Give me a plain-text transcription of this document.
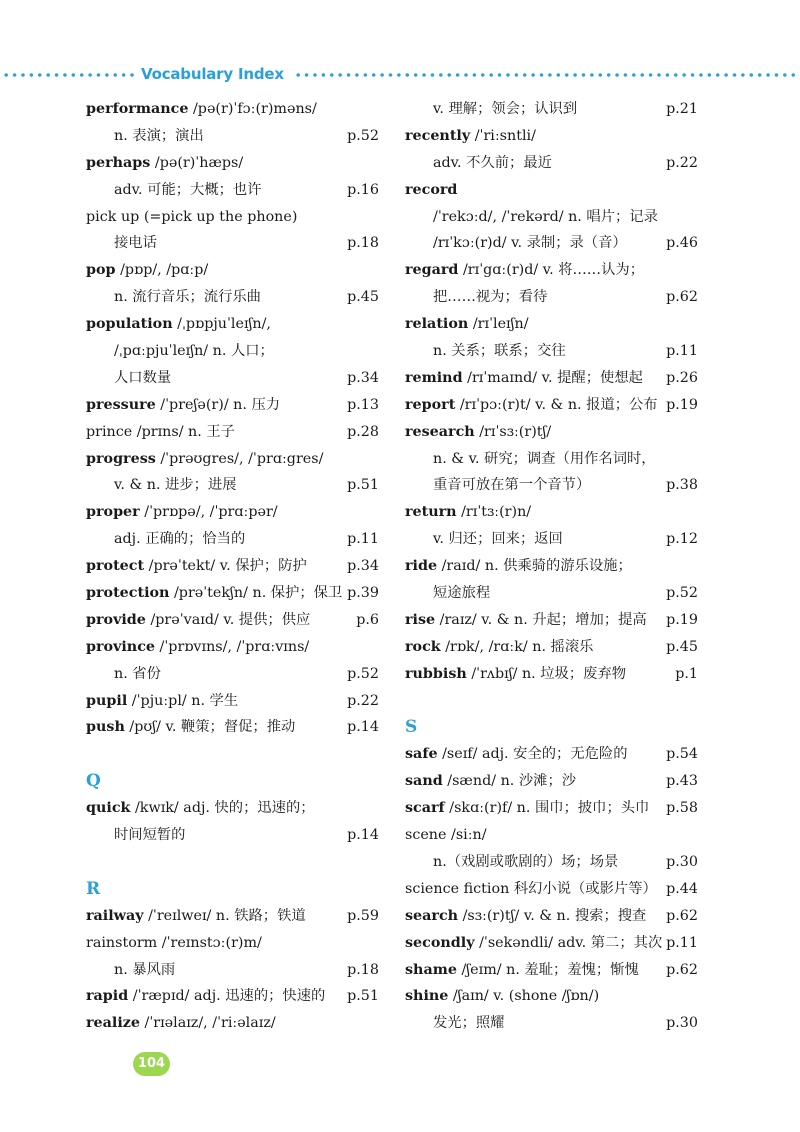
Vocabulary Index
performance /pə(r)ˈfɔː(r)məns/
n. 表演；演出	p.52
perhaps /pə(r)ˈhæps/
adv. 可能；大概；也许	p.16
pick up (=pick up the phone)
接电话	p.18
pop /pɒp/, /pɑːp/
n. 流行音乐；流行乐曲	p.45
population /ˌpɒpjuˈleɪʃn/,
/ˌpɑːpjuˈleɪʃn/ n. 人口；
人口数量	p.34
pressure /ˈpreʃə(r)/ n. 压力	p.13
prince /prɪns/ n. 王子	p.28
progress /ˈprəʊgres/, /ˈprɑːgres/
v. & n. 进步；进展	p.51
proper /ˈprɒpə/, /ˈprɑːpər/
adj. 正确的；恰当的	p.11
protect /prəˈtekt/ v. 保护；防护	p.34
protection /prəˈtekʃn/ n. 保护；保卫 p.39
provide /prəˈvaɪd/ v. 提供；供应	p.6
province /ˈprɒvɪns/, /ˈprɑːvɪns/
n. 省份	p.52
pupil /ˈpjuːpl/ n. 学生	p.22
push /pʊʃ/ v. 鞭策；督促；推动	p.14
Q
quick /kwɪk/ adj. 快的；迅速的；
时间短暂的	p.14
R
railway /ˈreɪlweɪ/ n. 铁路；铁道	p.59
rainstorm /ˈreɪnstɔː(r)m/
n. 暴风雨	p.18
rapid /ˈræpɪd/ adj. 迅速的；快速的 p.51
realize /ˈrɪəlaɪz/, /ˈriːəlaɪz/
v. 理解；领会；认识到	p.21
recently /ˈriːsntli/
adv. 不久前；最近	p.22
record
/ˈrekɔːd/, /ˈrekərd/ n. 唱片；记录
/rɪˈkɔː(r)d/ v. 录制；录（音）	p.46
regard /rɪˈgɑː(r)d/ v. 将……认为；
把……视为；看待	p.62
relation /rɪˈleɪʃn/
n. 关系；联系；交往	p.11
remind /rɪˈmaɪnd/ v. 提醒；使想起 p.26
report /rɪˈpɔː(r)t/ v. & n. 报道；公布 p.19
research /rɪˈsɜː(r)tʃ/
n. & v. 研究；调查（用作名词时，
重音可放在第一个音节）	p.38
return /rɪˈtɜː(r)n/
v. 归还；回来；返回	p.12
ride /raɪd/ n. 供乘骑的游乐设施；
短途旅程	p.52
rise /raɪz/ v. & n. 升起；增加；提高 p.19
rock /rɒk/, /rɑːk/ n. 摇滚乐	p.45
rubbish /ˈrʌbɪʃ/ n. 垃圾；废弃物	p.1
S
safe /seɪf/ adj. 安全的；无危险的	p.54
sand /sænd/ n. 沙滩；沙	p.43
scarf /skɑː(r)f/ n. 围巾；披巾；头巾 p.58
scene /siːn/
n.（戏剧或歌剧的）场；场景	p.30
science fiction 科幻小说（或影片等） p.44
search /sɜː(r)tʃ/ v. & n. 搜索；搜查 p.62
secondly /ˈsekəndli/ adv. 第二；其次 p.11
shame /ʃeɪm/ n. 羞耻；羞愧；惭愧 p.62
shine /ʃaɪn/ v. (shone /ʃɒn/)
发光；照耀	p.30
104
